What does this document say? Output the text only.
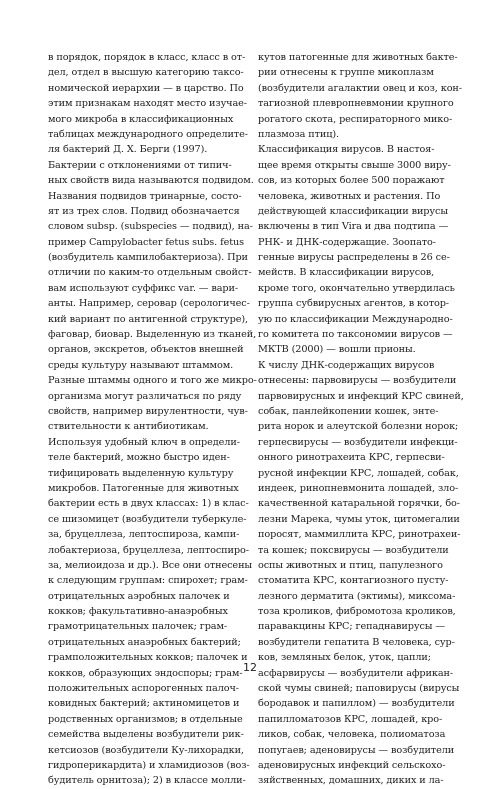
в порядок, порядок в класс, класс в от-
дел, отдел в высшую категорию таксо-
номической иерархии — в царство. По
этим признакам находят место изучае-
мого микроба в классификационных
таблицах международного определите-
ля бактерий Д. Х. Берги (1997).
Бактерии с отклонениями от типич-
ных свойств вида называются подвидом.
Названия подвидов тринарные, состо-
ят из трех слов. Подвид обозначается
словом subsp. (subspecies — подвид), на-
пример Campylobacter fetus subs. fetus
(возбудитель кампилобактериоза). При
отличии по каким-то отдельным свойст-
вам используют суффикс var. — вари-
анты. Например, серовар (серологичес-
кий вариант по антигенной структуре),
фаговар, биовар. Выделенную из тканей,
органов, экскретов, объектов внешней
среды культуру называют штаммом.
Разные штаммы одного и того же микро-
организма могут различаться по ряду
свойств, например вирулентности, чув-
ствительности к антибиотикам.
Используя удобный ключ в определи-
теле бактерий, можно быстро иден-
тифицировать выделенную культуру
микробов. Патогенные для животных
бактерии есть в двух классах: 1) в клас-
се шизомицет (возбудители туберкуле-
за, бруцеллеза, лептоспироза, кампи-
лобактериоза, бруцеллеза, лептоспиро-
за, мелиоидоза и др.). Все они отнесены
к следующим группам: спирохет; грам-
отрицательных аэробных палочек и
кокков; факультативно-анаэробных
грамотрицательных палочек; грам-
отрицательных анаэробных бактерий;
грамположительных кокков; палочек и
кокков, образующих эндоспоры; грам-
положительных аспорогенных палоч-
ковидных бактерий; актиномицетов и
родственных организмов; в отдельные
семейства выделены возбудители рик-
кетсиозов (возбудители Ку-лихорадки,
гидроперикардита) и хламидиозов (воз-
будитель орнитоза); 2) в классе молли-
кутов патогенные для животных бакте-
рии отнесены к группе микоплазм
(возбудители агалактии овец и коз, кон-
тагиозной плевропневмонии крупного
рогатого скота, респираторного мико-
плазмоза птиц).
Классификация вирусов. В настоя-
щее время открыты свыше 3000 виру-
сов, из которых более 500 поражают
человека, животных и растения. По
действующей классификации вирусы
включены в тип Vira и два подтипа —
РНК- и ДНК-содержащие. Зоопато-
генные вирусы распределены в 26 се-
мейств. В классификации вирусов,
кроме того, окончательно утвердилась
группа субвирусных агентов, в котор-
ую по классификации Международно-
го комитета по таксономии вирусов —
МКТВ (2000) — вошли прионы.
К числу ДНК-содержащих вирусов
отнесены: парвовирусы — возбудители
парвовирусных и инфекций КРС свиней,
собак, панлейкопении кошек, энте-
рита норок и алеутской болезни норок;
герпесвирусы — возбудители инфекци-
онного ринотрахеита КРС, герпесви-
русной инфекции КРС, лошадей, собак,
индеек, ринопневмонита лошадей, зло-
качественной катаральной горячки, бо-
лезни Марека, чумы уток, цитомегалии
поросят, маммиллита КРС, ринотрахеи-
та кошек; поксвирусы — возбудители
оспы животных и птиц, папулезного
стоматита КРС, контагиозного пусту-
лезного дерматита (эктимы), миксома-
тоза кроликов, фибромотоза кроликов,
паравакцины КРС; гепаднавирусы —
возбудители гепатита В человека, сур-
ков, земляных белок, уток, цапли;
асфарвирусы — возбудители африкан-
ской чумы свиней; паповирусы (вирусы
бородавок и папиллом) — возбудители
папилломатозов КРС, лошадей, кро-
ликов, собак, человека, полиоматоза
попугаев; аденовирусы — возбудители
аденовирусных инфекций сельскохо-
зяйственных, домашних, диких и ла-
12
